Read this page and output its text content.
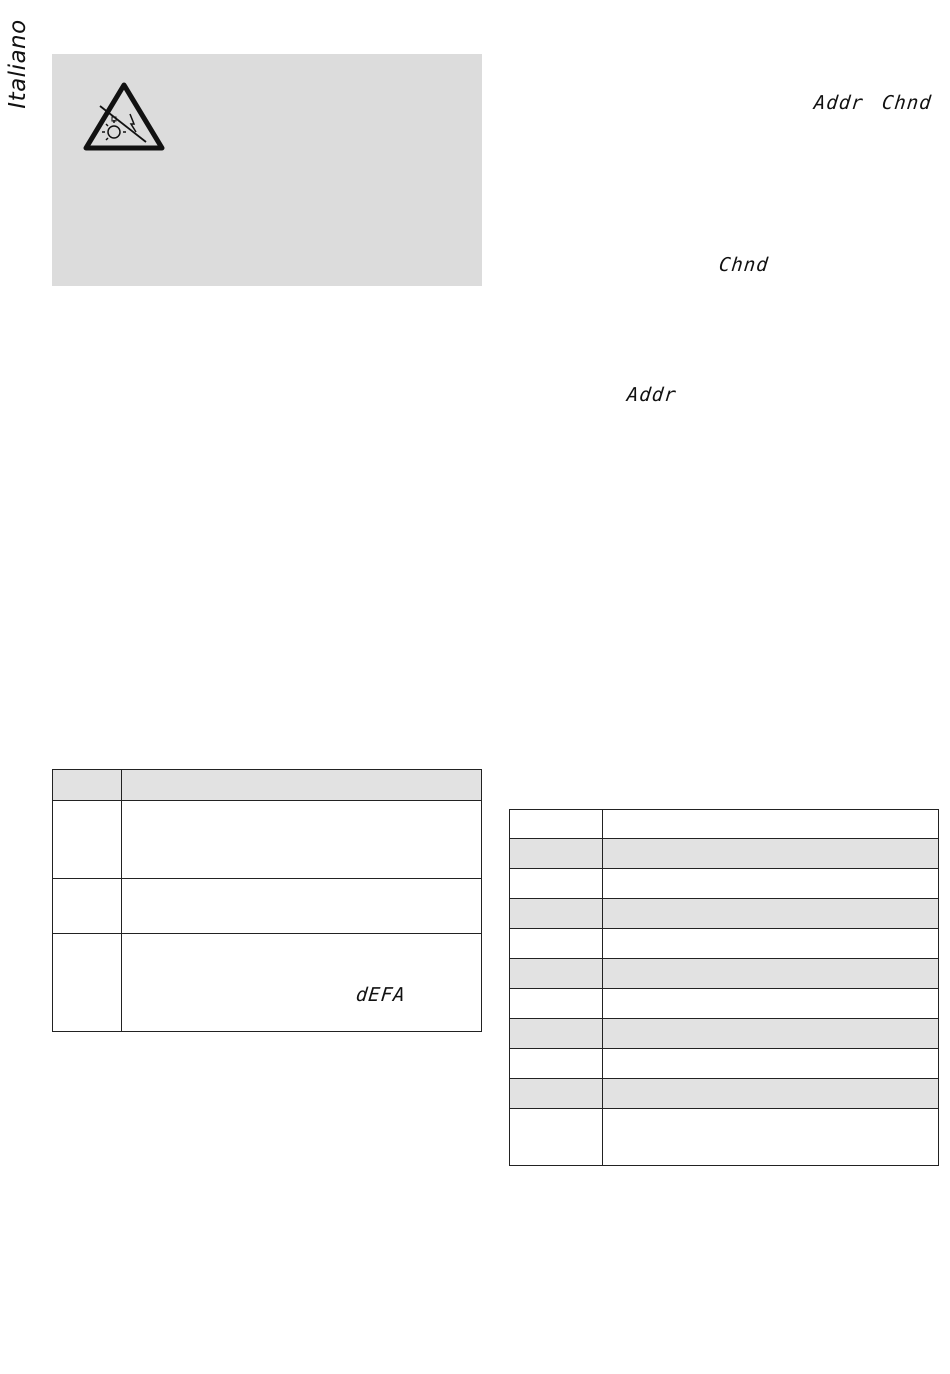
Italiano	Addr Chnd
Chnd
Addr

	dEFA
